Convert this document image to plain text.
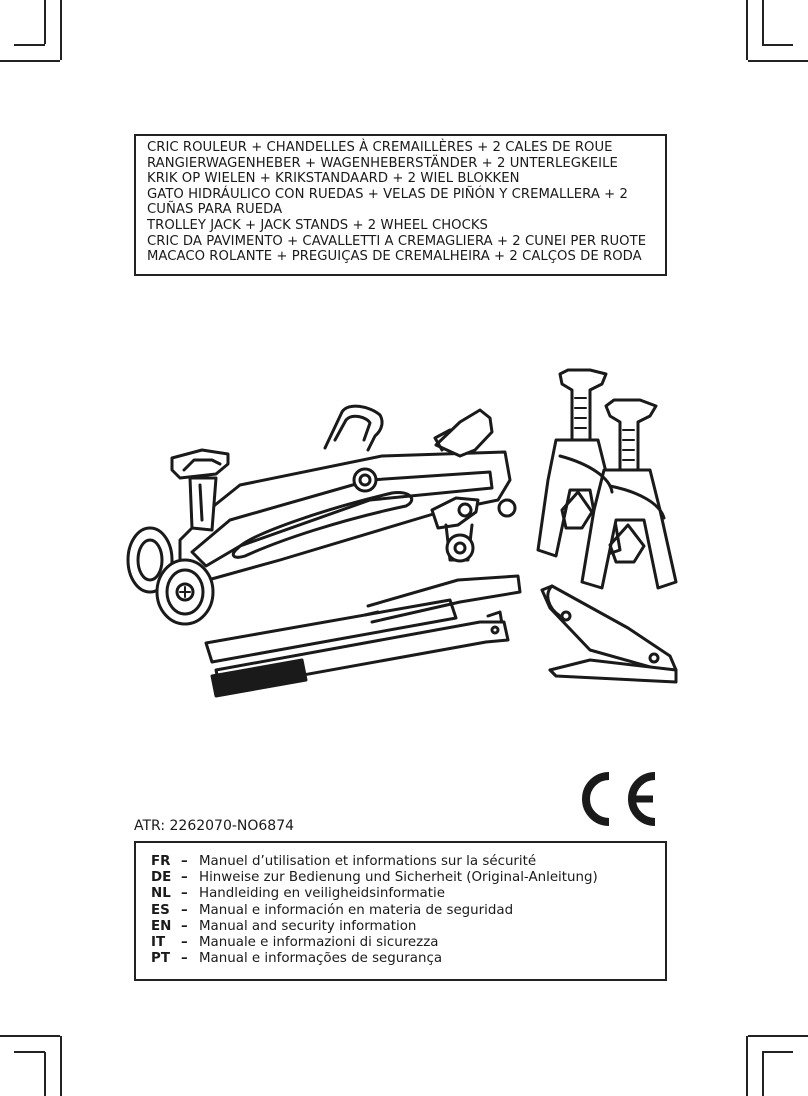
CRIC ROULEUR + CHANDELLES À CREMAILLÈRES + 2 CALES DE ROUE
RANGIERWAGENHEBER + WAGENHEBERSTÄNDER + 2 UNTERLEGKEILE
KRIK OP WIELEN + KRIKSTANDAARD + 2 WIEL BLOKKEN
GATO HIDRÁULICO CON RUEDAS + VELAS DE PIÑÓN Y CREMALLERA + 2
CUÑAS PARA RUEDA
TROLLEY JACK + JACK STANDS + 2 WHEEL CHOCKS
CRIC DA PAVIMENTO + CAVALLETTI A CREMAGLIERA + 2 CUNEI PER RUOTE
MACACO ROLANTE + PREGUIÇAS DE CREMALHEIRA + 2 CALÇOS DE RODA
ATR: 2262070-NO6874
FR – Manuel d’utilisation et informations sur la sécurité
DE – Hinweise zur Bedienung und Sicherheit (Original-Anleitung)
NL – Handleiding en veiligheidsinformatie
ES – Manual e información en materia de seguridad
EN – Manual and security information
IT	– Manuale e informazioni di sicurezza
PT – Manual e informações de segurança
